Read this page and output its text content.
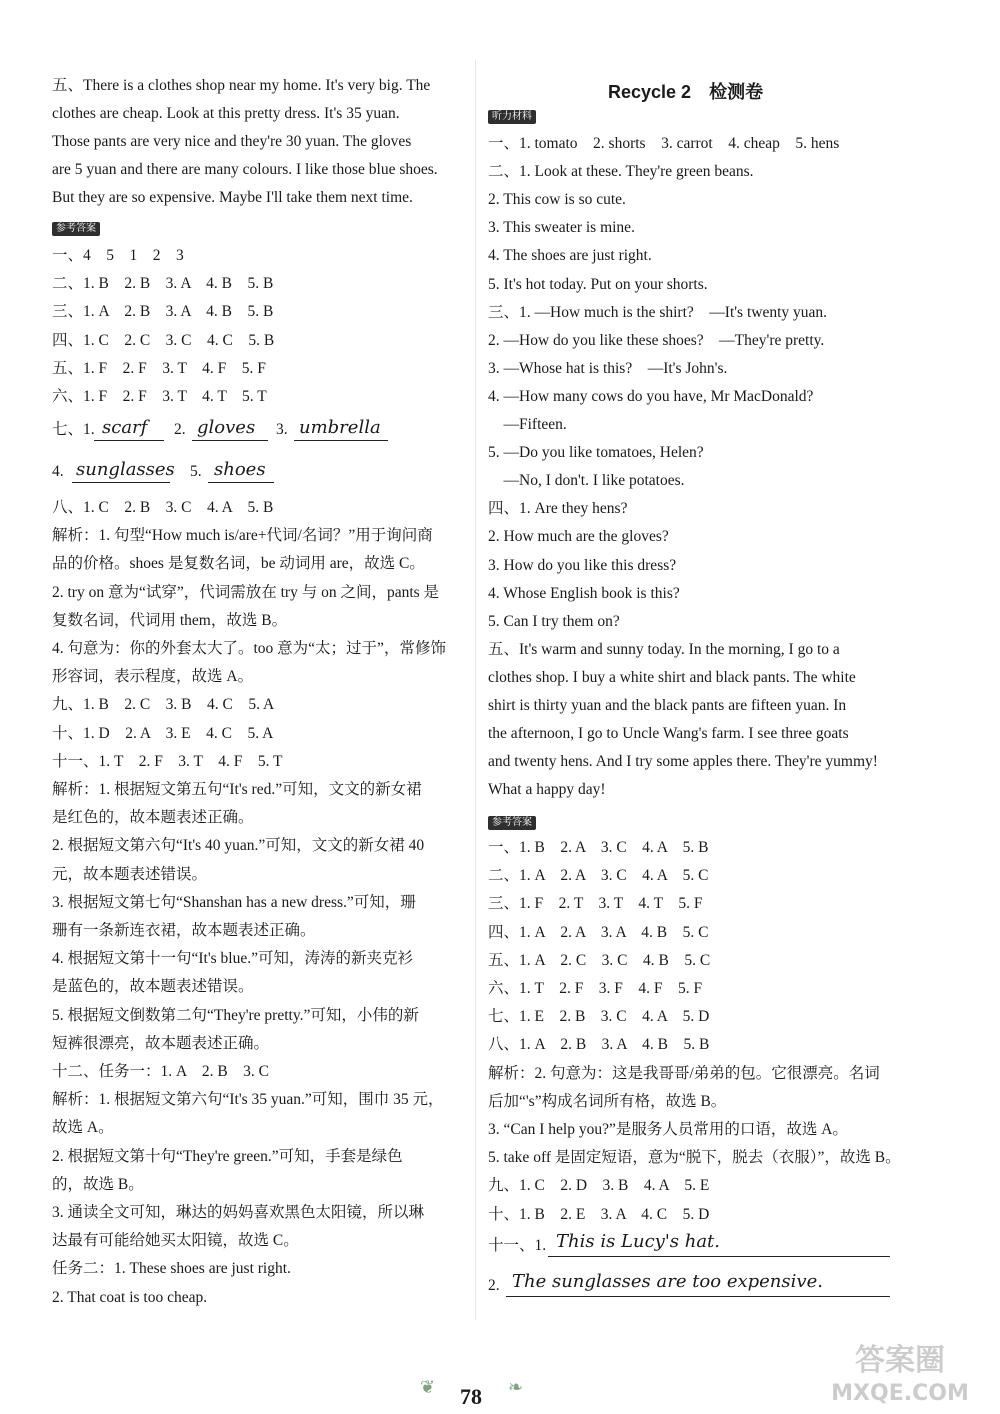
五、There is a clothes shop near my home. It's very big. The
clothes are cheap. Look at this pretty dress. It's 35 yuan.
Those pants are very nice and they're 30 yuan. The gloves
are 5 yuan and there are many colours. I like those blue shoes.
But they are so expensive. Maybe I'll take them next time.
参考答案
一、4　5　1　2　3
二、1. B　2. B　3. A　4. B　5. B
三、1. A　2. B　3. A　4. B　5. B
四、1. C　2. C　3. C　4. C　5. B
五、1. F　2. F　3. T　4. F　5. F
六、1. F　2. F　3. T　4. T　5. T
七、1. scarf 2. gloves 3. umbrella
4. sunglasses 5. shoes
八、1. C　2. B　3. C　4. A　5. B
解析：1. 句型“How much is/are+代词/名词？”用于询问商
品的价格。shoes 是复数名词，be 动词用 are，故选 C。
2. try on 意为“试穿”，代词需放在 try 与 on 之间，pants 是
复数名词，代词用 them，故选 B。
4. 句意为：你的外套太大了。too 意为“太；过于”，常修饰
形容词，表示程度，故选 A。
九、1. B　2. C　3. B　4. C　5. A
十、1. D　2. A　3. E　4. C　5. A
十一、1. T　2. F　3. T　4. F　5. T
解析：1. 根据短文第五句“It's red.”可知，文文的新女裙
是红色的，故本题表述正确。
2. 根据短文第六句“It's 40 yuan.”可知，文文的新女裙 40
元，故本题表述错误。
3. 根据短文第七句“Shanshan has a new dress.”可知，珊
珊有一条新连衣裙，故本题表述正确。
4. 根据短文第十一句“It's blue.”可知，涛涛的新夹克衫
是蓝色的，故本题表述错误。
5. 根据短文倒数第二句“They're pretty.”可知，小伟的新
短裤很漂亮，故本题表述正确。
十二、任务一：1. A　2. B　3. C
解析：1. 根据短文第六句“It's 35 yuan.”可知，围巾 35 元，
故选 A。
2. 根据短文第十句“They're green.”可知，手套是绿色
的，故选 B。
3. 通读全文可知，琳达的妈妈喜欢黑色太阳镜，所以琳
达最有可能给她买太阳镜，故选 C。
任务二：1. These shoes are just right.
2. That coat is too cheap.
Recycle 2　检测卷
听力材料
一、1. tomato　2. shorts　3. carrot　4. cheap　5. hens
二、1. Look at these. They're green beans.
2. This cow is so cute.
3. This sweater is mine.
4. The shoes are just right.
5. It's hot today. Put on your shorts.
三、1. —How much is the shirt?　—It's twenty yuan.
2. —How do you like these shoes?　—They're pretty.
3. —Whose hat is this?　—It's John's.
4. —How many cows do you have, Mr MacDonald?
　—Fifteen.
5. —Do you like tomatoes, Helen?
　—No, I don't. I like potatoes.
四、1. Are they hens?
2. How much are the gloves?
3. How do you like this dress?
4. Whose English book is this?
5. Can I try them on?
五、It's warm and sunny today. In the morning, I go to a
clothes shop. I buy a white shirt and black pants. The white
shirt is thirty yuan and the black pants are fifteen yuan. In
the afternoon, I go to Uncle Wang's farm. I see three goats
and twenty hens. And I try some apples there. They're yummy!
What a happy day!
参考答案
一、1. B　2. A　3. C　4. A　5. B
二、1. A　2. A　3. C　4. A　5. C
三、1. F　2. T　3. T　4. T　5. F
四、1. A　2. A　3. A　4. B　5. C
五、1. A　2. C　3. C　4. B　5. C
六、1. T　2. F　3. F　4. F　5. F
七、1. E　2. B　3. C　4. A　5. D
八、1. A　2. B　3. A　4. B　5. B
解析：2. 句意为：这是我哥哥/弟弟的包。它很漂亮。名词
后加“'s”构成名词所有格，故选 B。
3. “Can I help you?”是服务人员常用的口语，故选 A。
5. take off 是固定短语，意为“脱下，脱去（衣服）”，故选 B。
九、1. C　2. D　3. B　4. A　5. E
十、1. B　2. E　3. A　4. C　5. D
十一、1. This is Lucy's hat.
2. The sunglasses are too expensive.
❦ 78 ❧
答案圈
MXQE.COM
